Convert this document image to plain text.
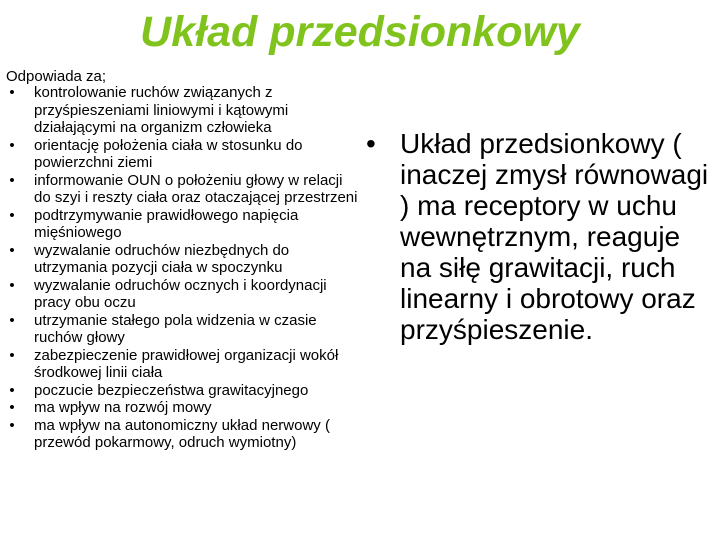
Układ przedsionkowy
Odpowiada za;
• kontrolowanie ruchów związanych z przyśpieszeniami liniowymi i kątowymi działającymi na organizm człowieka
• orientację położenia ciała w stosunku do powierzchni ziemi
• informowanie OUN o położeniu głowy w relacji do szyi i reszty ciała oraz otaczającej przestrzeni
• podtrzymywanie prawidłowego napięcia mięśniowego
• wyzwalanie odruchów niezbędnych do utrzymania pozycji ciała w spoczynku
• wyzwalanie odruchów ocznych i koordynacji pracy obu oczu
• utrzymanie stałego pola widzenia w czasie ruchów głowy
• zabezpieczenie prawidłowej organizacji wokół środkowej linii ciała
• poczucie bezpieczeństwa grawitacyjnego
• ma wpływ na rozwój mowy
• ma wpływ na autonomiczny układ nerwowy ( przewód pokarmowy, odruch wymiotny)
• Układ przedsionkowy ( inaczej zmysł równowagi ) ma receptory w uchu wewnętrznym, reaguje na siłę grawitacji, ruch linearny i obrotowy oraz przyśpieszenie.
